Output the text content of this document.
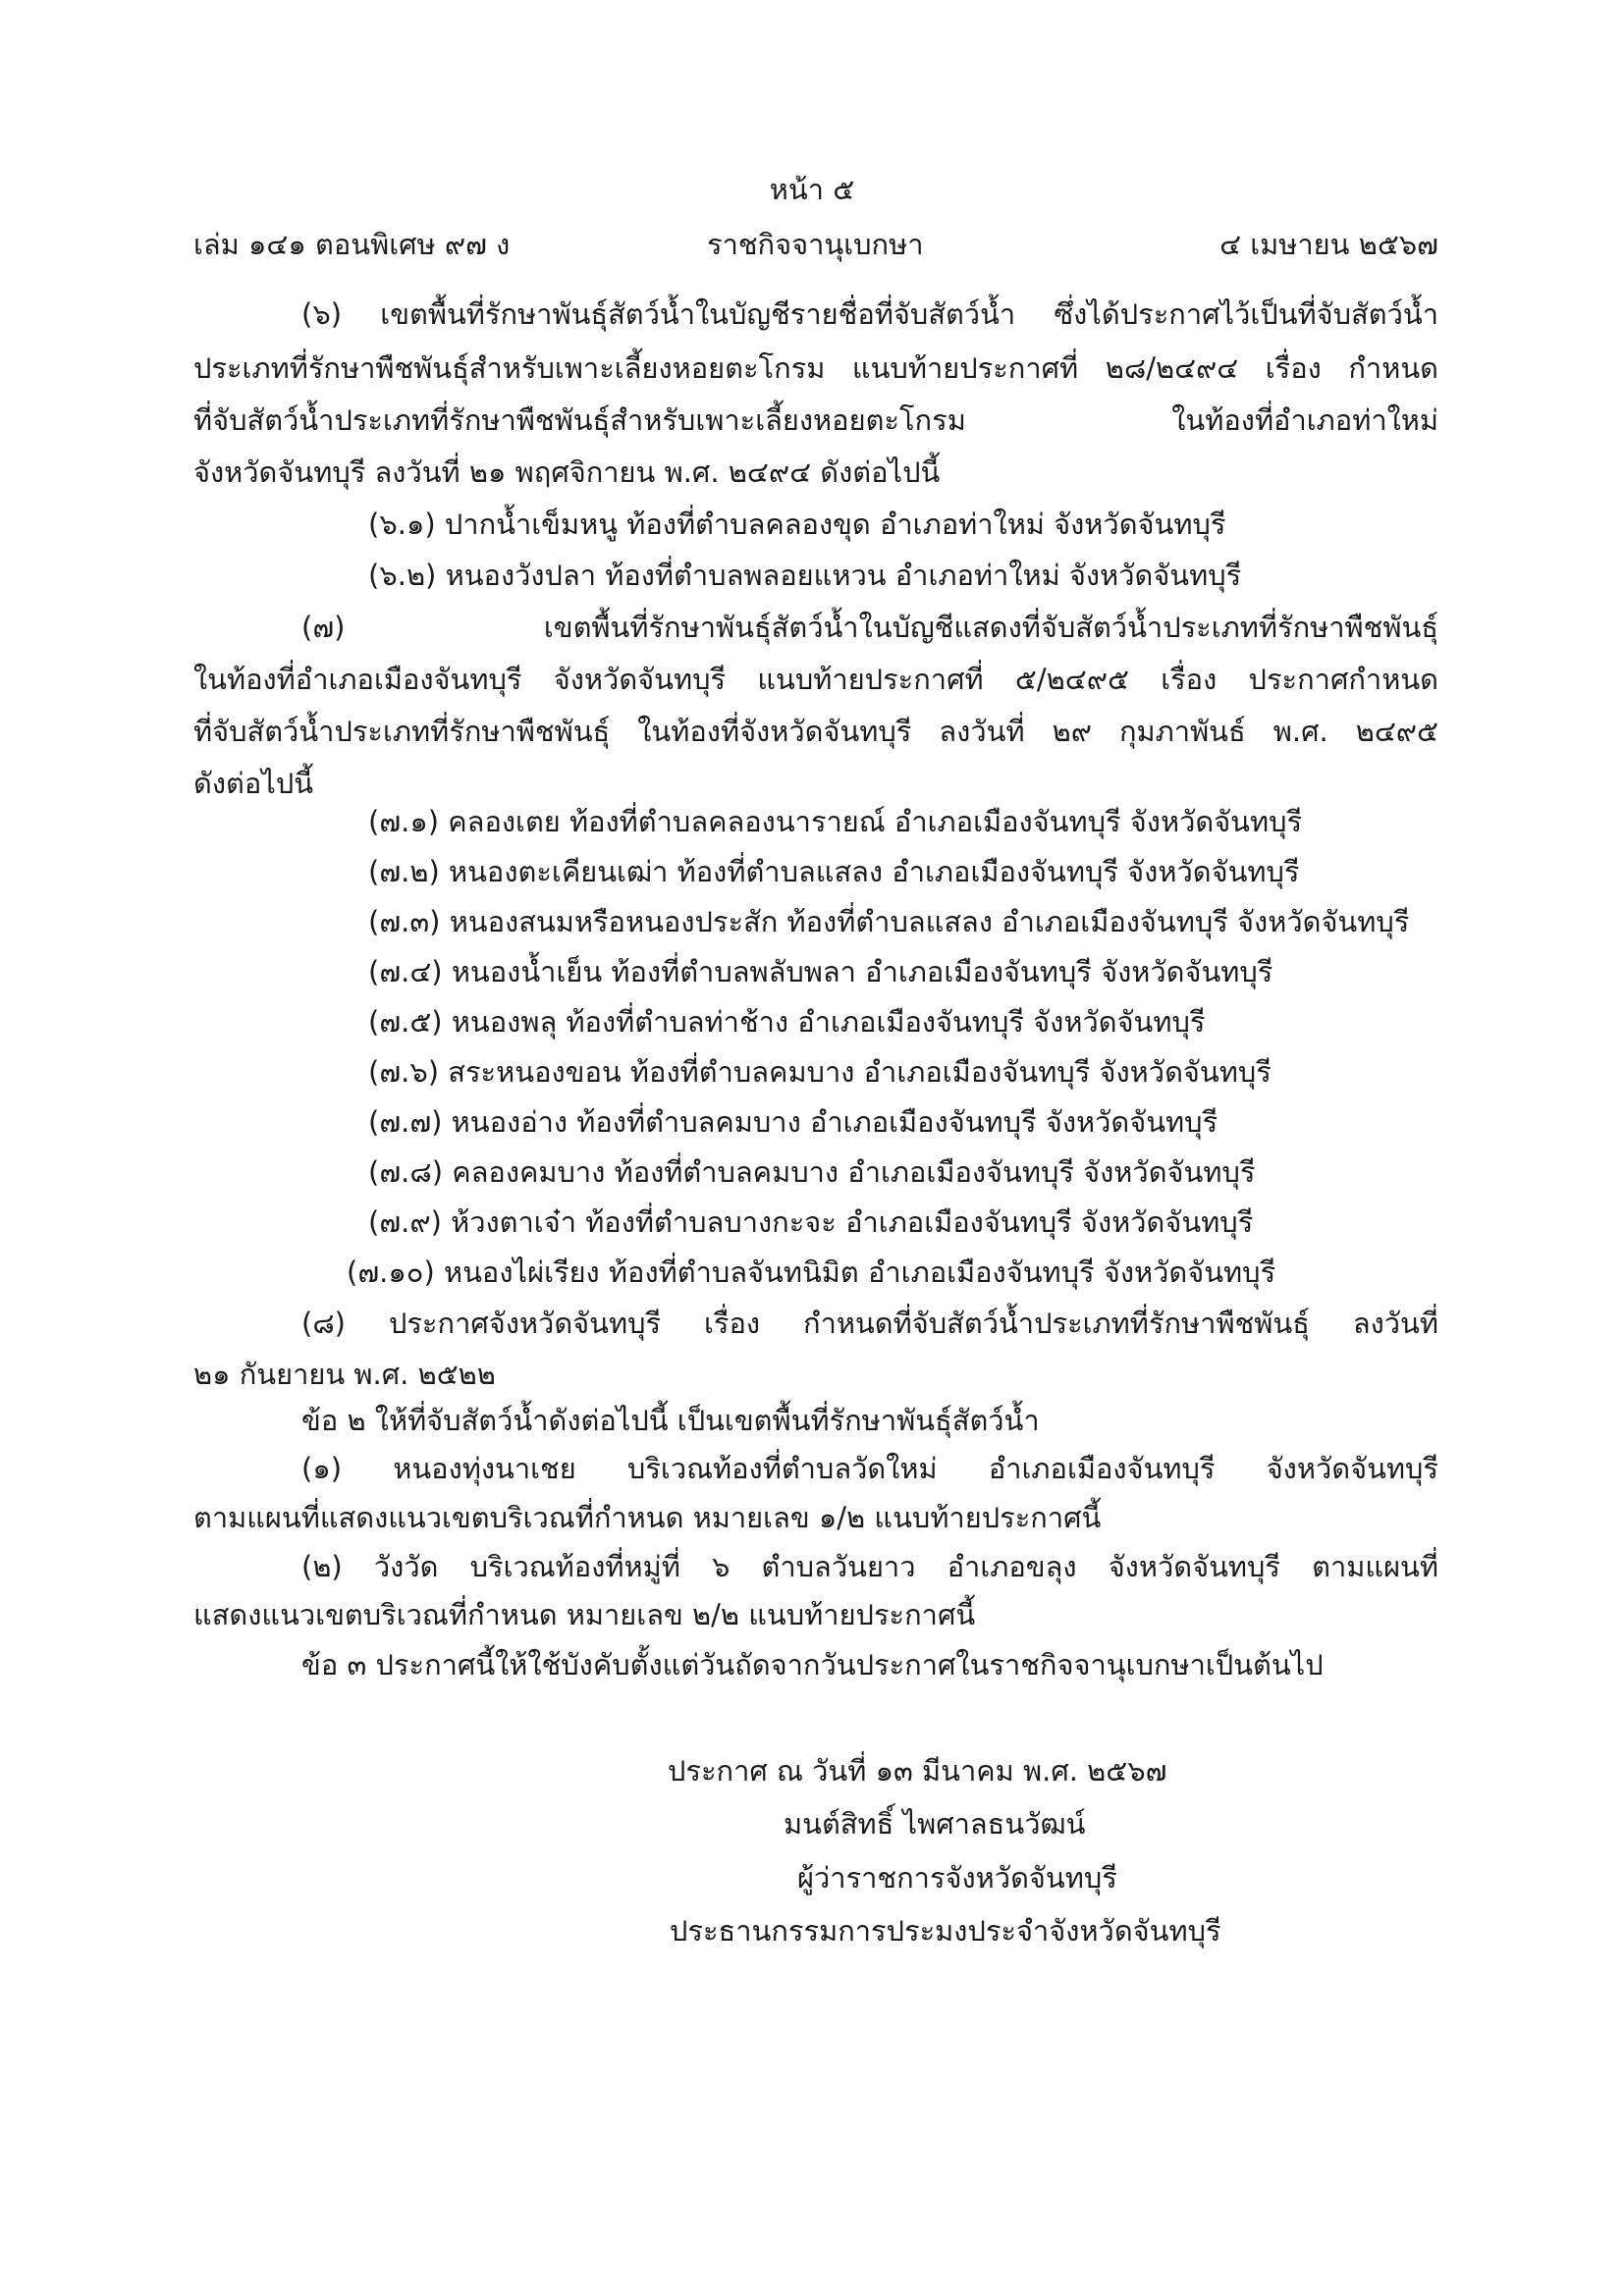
หน้า ๕
เล่ม ๑๔๑ ตอนพิเศษ ๙๗ ง	ราชกิจจานุเบกษา	๔ เมษายน ๒๕๖๗
(๖) เขตพื้นที่รักษาพันธุ์สัตว์น้ำในบัญชีรายชื่อที่จับสัตว์น้ำ ซึ่งได้ประกาศไว้เป็นที่จับสัตว์น้ำ
ประเภทที่รักษาพืชพันธุ์สำหรับเพาะเลี้ยงหอยตะโกรม แนบท้ายประกาศที่ ๒๘/๒๔๙๔ เรื่อง กำหนด
ที่จับสัตว์น้ำประเภทที่รักษาพืชพันธุ์สำหรับเพาะเลี้ยงหอยตะโกรม ในท้องที่อำเภอท่าใหม่
จังหวัดจันทบุรี ลงวันที่ ๒๑ พฤศจิกายน พ.ศ. ๒๔๙๔ ดังต่อไปนี้
(๖.๑) ปากน้ำเข็มหนู ท้องที่ตำบลคลองขุด อำเภอท่าใหม่ จังหวัดจันทบุรี
(๖.๒) หนองวังปลา ท้องที่ตำบลพลอยแหวน อำเภอท่าใหม่ จังหวัดจันทบุรี
(๗) เขตพื้นที่รักษาพันธุ์สัตว์น้ำในบัญชีแสดงที่จับสัตว์น้ำประเภทที่รักษาพืชพันธุ์
ในท้องที่อำเภอเมืองจันทบุรี จังหวัดจันทบุรี แนบท้ายประกาศที่ ๕/๒๔๙๕ เรื่อง ประกาศกำหนด
ที่จับสัตว์น้ำประเภทที่รักษาพืชพันธุ์ ในท้องที่จังหวัดจันทบุรี ลงวันที่ ๒๙ กุมภาพันธ์ พ.ศ. ๒๔๙๕
ดังต่อไปนี้
(๗.๑) คลองเตย ท้องที่ตำบลคลองนารายณ์ อำเภอเมืองจันทบุรี จังหวัดจันทบุรี
(๗.๒) หนองตะเคียนเฒ่า ท้องที่ตำบลแสลง อำเภอเมืองจันทบุรี จังหวัดจันทบุรี
(๗.๓) หนองสนมหรือหนองประสัก ท้องที่ตำบลแสลง อำเภอเมืองจันทบุรี จังหวัดจันทบุรี
(๗.๔) หนองน้ำเย็น ท้องที่ตำบลพลับพลา อำเภอเมืองจันทบุรี จังหวัดจันทบุรี
(๗.๕) หนองพลุ ท้องที่ตำบลท่าช้าง อำเภอเมืองจันทบุรี จังหวัดจันทบุรี
(๗.๖) สระหนองขอน ท้องที่ตำบลคมบาง อำเภอเมืองจันทบุรี จังหวัดจันทบุรี
(๗.๗) หนองอ่าง ท้องที่ตำบลคมบาง อำเภอเมืองจันทบุรี จังหวัดจันทบุรี
(๗.๘) คลองคมบาง ท้องที่ตำบลคมบาง อำเภอเมืองจันทบุรี จังหวัดจันทบุรี
(๗.๙) ห้วงตาเจ๋า ท้องที่ตำบลบางกะจะ อำเภอเมืองจันทบุรี จังหวัดจันทบุรี
(๗.๑๐) หนองไผ่เรียง ท้องที่ตำบลจันทนิมิต อำเภอเมืองจันทบุรี จังหวัดจันทบุรี
(๘) ประกาศจังหวัดจันทบุรี เรื่อง กำหนดที่จับสัตว์น้ำประเภทที่รักษาพืชพันธุ์ ลงวันที่
๒๑ กันยายน พ.ศ. ๒๕๒๒
ข้อ ๒ ให้ที่จับสัตว์น้ำดังต่อไปนี้ เป็นเขตพื้นที่รักษาพันธุ์สัตว์น้ำ
(๑) หนองทุ่งนาเชย บริเวณท้องที่ตำบลวัดใหม่ อำเภอเมืองจันทบุรี จังหวัดจันทบุรี
ตามแผนที่แสดงแนวเขตบริเวณที่กำหนด หมายเลข ๑/๒ แนบท้ายประกาศนี้
(๒) วังวัด บริเวณท้องที่หมู่ที่ ๖ ตำบลวันยาว อำเภอขลุง จังหวัดจันทบุรี ตามแผนที่
แสดงแนวเขตบริเวณที่กำหนด หมายเลข ๒/๒ แนบท้ายประกาศนี้
ข้อ ๓ ประกาศนี้ให้ใช้บังคับตั้งแต่วันถัดจากวันประกาศในราชกิจจานุเบกษาเป็นต้นไป
ประกาศ ณ วันที่ ๑๓ มีนาคม พ.ศ. ๒๕๖๗
มนต์สิทธิ์ ไพศาลธนวัฒน์
ผู้ว่าราชการจังหวัดจันทบุรี
ประธานกรรมการประมงประจำจังหวัดจันทบุรี
